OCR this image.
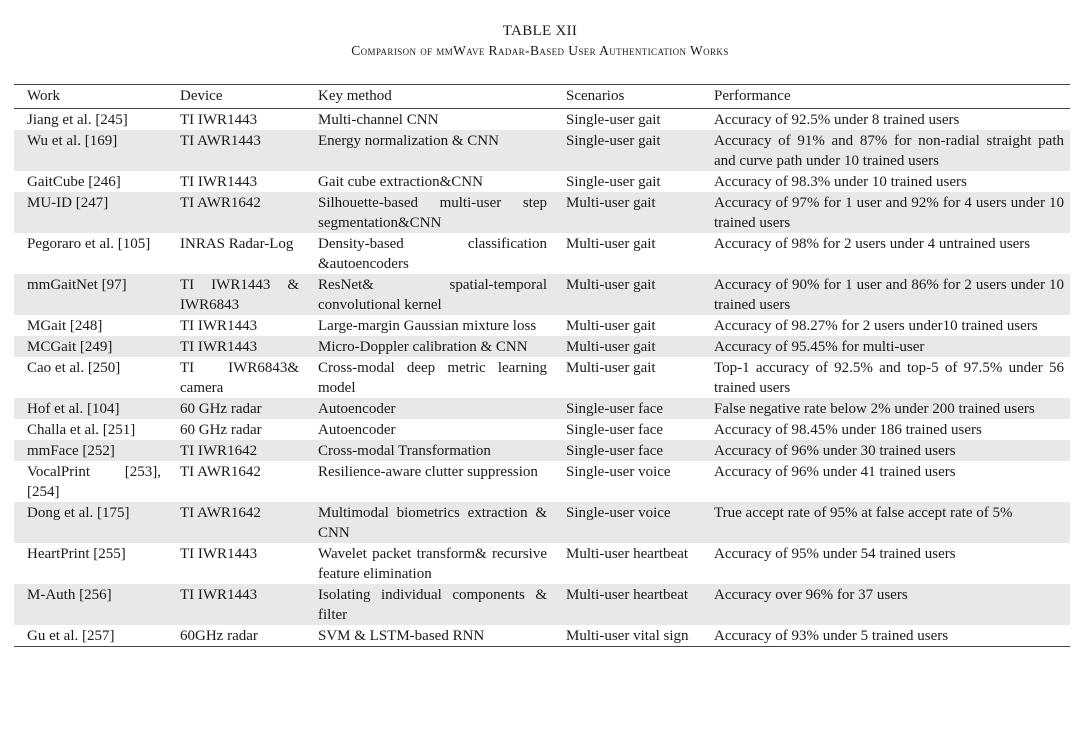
TABLE XII
Comparison of mmWave Radar-Based User Authentication Works
Work	Device	Key method	Scenarios	Performance
Jiang et al. [245]	TI IWR1443	Multi-channel CNN	Single-user gait	Accuracy of 92.5% under 8 trained users
Wu et al. [169]	TI AWR1443	Energy normalization & CNN	Single-user gait	Accuracy of 91% and 87% for non-radial straight path and curve path under 10 trained users
GaitCube [246]	TI IWR1443	Gait cube extraction&CNN	Single-user gait	Accuracy of 98.3% under 10 trained users
MU-ID [247]	TI AWR1642	Silhouette-based multi-user step segmentation&CNN	Multi-user gait	Accuracy of 97% for 1 user and 92% for 4 users under 10 trained users
Pegoraro et al. [105]	INRAS Radar-Log	Density-based classification &autoencoders	Multi-user gait	Accuracy of 98% for 2 users under 4 untrained users
mmGaitNet [97]	TI IWR1443 & IWR6843	ResNet& spatial-temporal convolutional kernel	Multi-user gait	Accuracy of 90% for 1 user and 86% for 2 users under 10 trained users
MGait [248]	TI IWR1443	Large-margin Gaussian mixture loss	Multi-user gait	Accuracy of 98.27% for 2 users under10 trained users
MCGait [249]	TI IWR1443	Micro-Doppler calibration & CNN	Multi-user gait	Accuracy of 95.45% for multi-user
Cao et al. [250]	TI IWR6843& camera	Cross-modal deep metric learning model	Multi-user gait	Top-1 accuracy of 92.5% and top-5 of 97.5% under 56 trained users
Hof et al. [104]	60 GHz radar	Autoencoder	Single-user face	False negative rate below 2% under 200 trained users
Challa et al. [251]	60 GHz radar	Autoencoder	Single-user face	Accuracy of 98.45% under 186 trained users
mmFace [252]	TI IWR1642	Cross-modal Transformation	Single-user face	Accuracy of 96% under 30 trained users
VocalPrint [253], [254]	TI AWR1642	Resilience-aware clutter suppression	Single-user voice	Accuracy of 96% under 41 trained users
Dong et al. [175]	TI AWR1642	Multimodal biometrics extraction & CNN	Single-user voice	True accept rate of 95% at false accept rate of 5%
HeartPrint [255]	TI IWR1443	Wavelet packet transform& recursive feature elimination	Multi-user heartbeat	Accuracy of 95% under 54 trained users
M-Auth [256]	TI IWR1443	Isolating individual components & filter	Multi-user heartbeat	Accuracy over 96% for 37 users
Gu et al. [257]	60GHz radar	SVM & LSTM-based RNN	Multi-user vital sign	Accuracy of 93% under 5 trained users
